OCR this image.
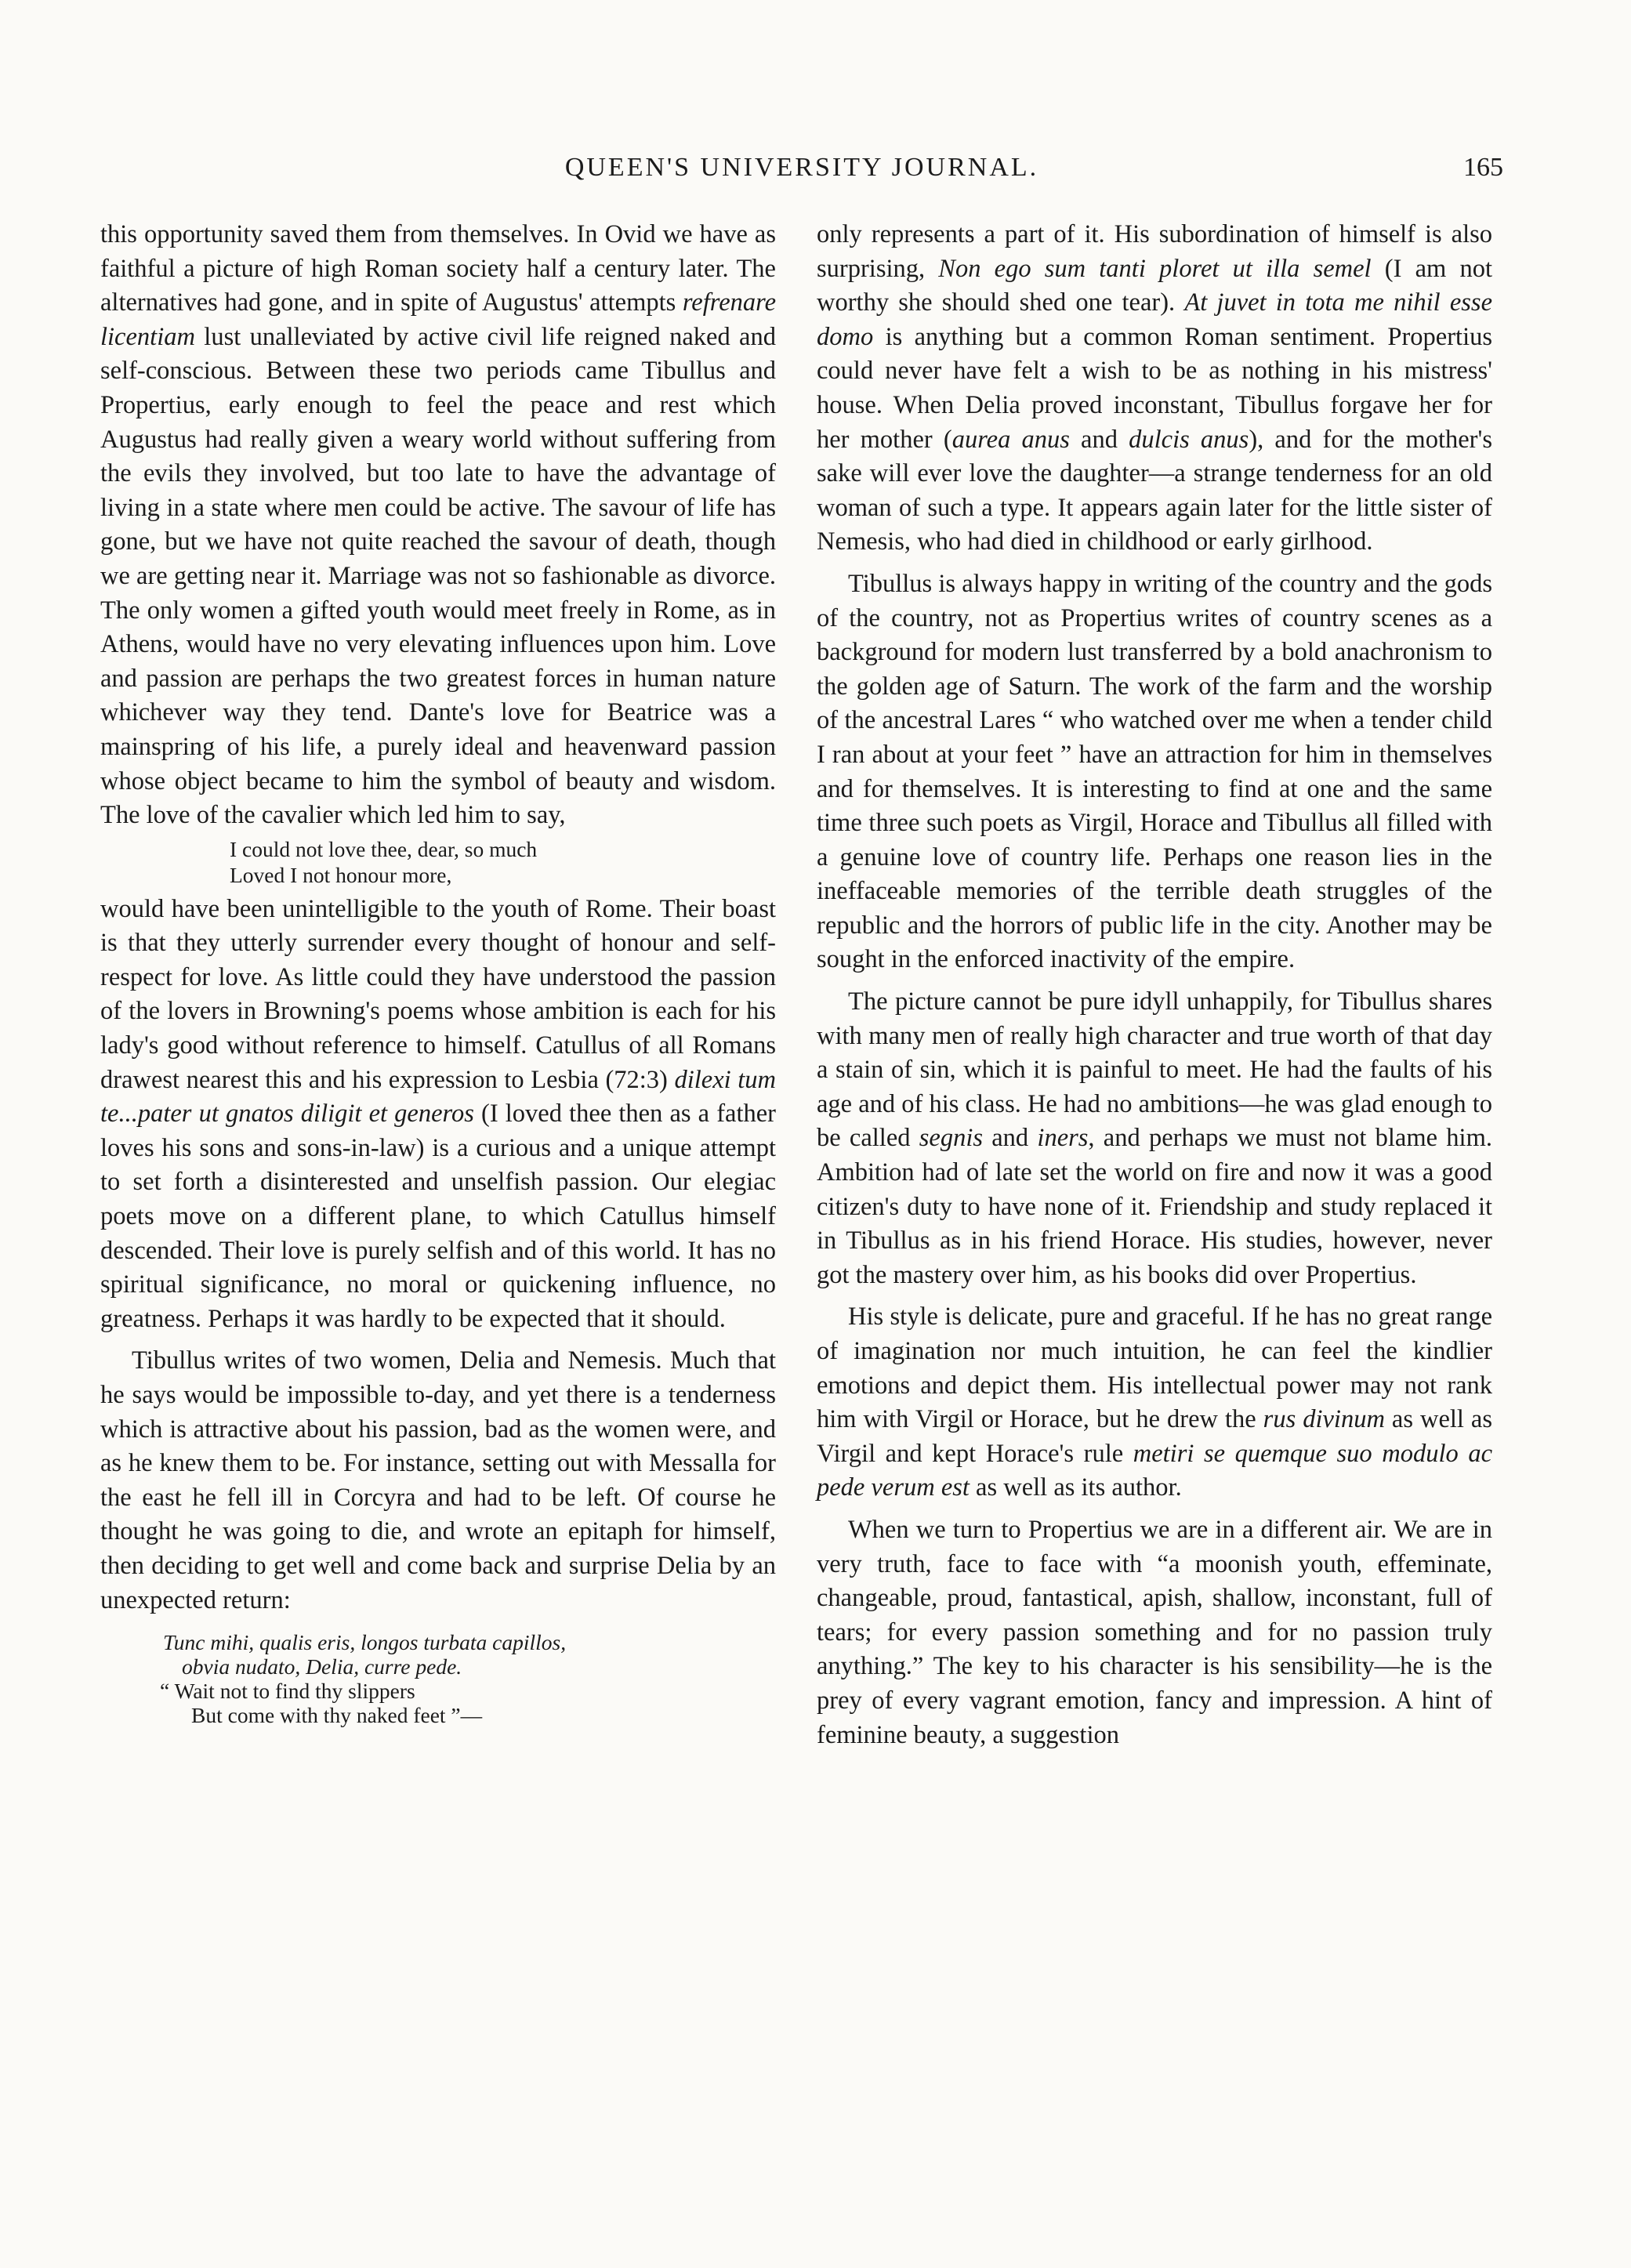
QUEEN'S UNIVERSITY JOURNAL.	165

this opportunity saved them from themselves. In Ovid we have as faithful a picture of high Roman society half a century later. The alternatives had gone, and in spite of Augustus' attempts refrenare licentiam lust unalleviated by active civil life reigned naked and self-conscious. Between these two periods came Tibullus and Propertius, early enough to feel the peace and rest which Augustus had really given a weary world without suffering from the evils they involved, but too late to have the advantage of living in a state where men could be active. The savour of life has gone, but we have not quite reached the savour of death, though we are getting near it. Marriage was not so fashionable as divorce. The only women a gifted youth would meet freely in Rome, as in Athens, would have no very elevating influences upon him. Love and passion are perhaps the two greatest forces in human nature whichever way they tend. Dante's love for Beatrice was a mainspring of his life, a purely ideal and heavenward passion whose object became to him the symbol of beauty and wisdom. The love of the cavalier which led him to say,

I could not love thee, dear, so much
Loved I not honour more,

would have been unintelligible to the youth of Rome. Their boast is that they utterly surrender every thought of honour and self-respect for love. As little could they have understood the passion of the lovers in Browning's poems whose ambition is each for his lady's good without reference to himself. Catullus of all Romans drawest nearest this and his expression to Lesbia (72:3) dilexi tum te...pater ut gnatos diligit et generos (I loved thee then as a father loves his sons and sons-in-law) is a curious and a unique attempt to set forth a disinterested and unselfish passion. Our elegiac poets move on a different plane, to which Catullus himself descended. Their love is purely selfish and of this world. It has no spiritual significance, no moral or quickening influence, no greatness. Perhaps it was hardly to be expected that it should.

Tibullus writes of two women, Delia and Nemesis. Much that he says would be impossible to-day, and yet there is a tenderness which is attractive about his passion, bad as the women were, and as he knew them to be. For instance, setting out with Messalla for the east he fell ill in Corcyra and had to be left. Of course he thought he was going to die, and wrote an epitaph for himself, then deciding to get well and come back and surprise Delia by an unexpected return:

Tunc mihi, qualis eris, longos turbata capillos,
obvia nudato, Delia, curre pede.
“ Wait not to find thy slippers
But come with thy naked feet ”—

only represents a part of it. His subordination of himself is also surprising, Non ego sum tanti ploret ut illa semel (I am not worthy she should shed one tear). At juvet in tota me nihil esse domo is anything but a common Roman sentiment. Propertius could never have felt a wish to be as nothing in his mistress' house. When Delia proved inconstant, Tibullus forgave her for her mother (aurea anus and dulcis anus), and for the mother's sake will ever love the daughter—a strange tenderness for an old woman of such a type. It appears again later for the little sister of Nemesis, who had died in childhood or early girlhood.

Tibullus is always happy in writing of the country and the gods of the country, not as Propertius writes of country scenes as a background for modern lust transferred by a bold anachronism to the golden age of Saturn. The work of the farm and the worship of the ancestral Lares “ who watched over me when a tender child I ran about at your feet ” have an attraction for him in themselves and for themselves. It is interesting to find at one and the same time three such poets as Virgil, Horace and Tibullus all filled with a genuine love of country life. Perhaps one reason lies in the ineffaceable memories of the terrible death struggles of the republic and the horrors of public life in the city. Another may be sought in the enforced inactivity of the empire.

The picture cannot be pure idyll unhappily, for Tibullus shares with many men of really high character and true worth of that day a stain of sin, which it is painful to meet. He had the faults of his age and of his class. He had no ambitions—he was glad enough to be called segnis and iners, and perhaps we must not blame him. Ambition had of late set the world on fire and now it was a good citizen's duty to have none of it. Friendship and study replaced it in Tibullus as in his friend Horace. His studies, however, never got the mastery over him, as his books did over Propertius.

His style is delicate, pure and graceful. If he has no great range of imagination nor much intuition, he can feel the kindlier emotions and depict them. His intellectual power may not rank him with Virgil or Horace, but he drew the rus divinum as well as Virgil and kept Horace's rule metiri se quemque suo modulo ac pede verum est as well as its author.

When we turn to Propertius we are in a different air. We are in very truth, face to face with “a moonish youth, effeminate, changeable, proud, fantastical, apish, shallow, inconstant, full of tears; for every passion something and for no passion truly anything.” The key to his character is his sensibility—he is the prey of every vagrant emotion, fancy and impression. A hint of feminine beauty, a suggestion
